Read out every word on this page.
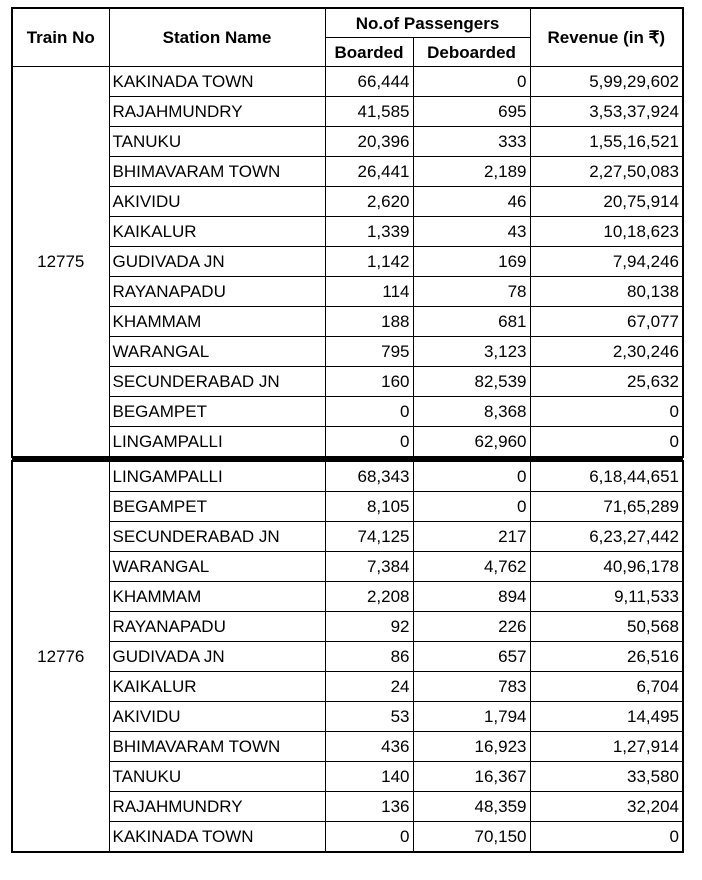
Train No	Station Name	No.of Passengers		Revenue (in ₹)
		Boarded	Deboarded	
12775	KAKINADA TOWN	66,444	0	5,99,29,602
	RAJAHMUNDRY	41,585	695	3,53,37,924
	TANUKU	20,396	333	1,55,16,521
	BHIMAVARAM TOWN	26,441	2,189	2,27,50,083
	AKIVIDU	2,620	46	20,75,914
	KAIKALUR	1,339	43	10,18,623
	GUDIVADA JN	1,142	169	7,94,246
	RAYANAPADU	114	78	80,138
	KHAMMAM	188	681	67,077
	WARANGAL	795	3,123	2,30,246
	SECUNDERABAD JN	160	82,539	25,632
	BEGAMPET	0	8,368	0
	LINGAMPALLI	0	62,960	0

12776	LINGAMPALLI	68,343	0	6,18,44,651
	BEGAMPET	8,105	0	71,65,289
	SECUNDERABAD JN	74,125	217	6,23,27,442
	WARANGAL	7,384	4,762	40,96,178
	KHAMMAM	2,208	894	9,11,533
	RAYANAPADU	92	226	50,568
	GUDIVADA JN	86	657	26,516
	KAIKALUR	24	783	6,704
	AKIVIDU	53	1,794	14,495
	BHIMAVARAM TOWN	436	16,923	1,27,914
	TANUKU	140	16,367	33,580
	RAJAHMUNDRY	136	48,359	32,204
	KAKINADA TOWN	0	70,150	0
